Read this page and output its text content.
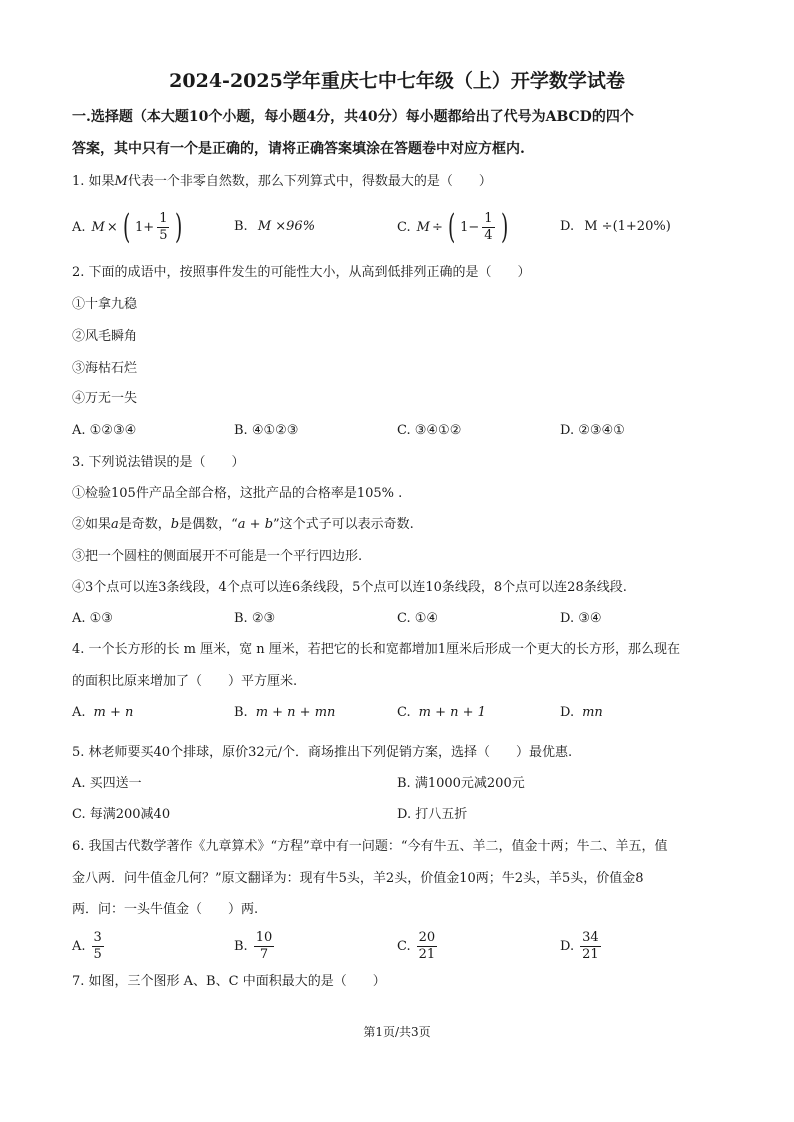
2024-2025学年重庆七中七年级（上）开学数学试卷
一.选择题（本大题10个小题，每小题4分，共40分）每小题都给出了代号为ABCD的四个
答案，其中只有一个是正确的，请将正确答案填涂在答题卷中对应方框内.
1. 如果M代表一个非零自然数，那么下列算式中，得数最大的是（　　）
A. M × ( $1+ \frac{1}{5}$ )	B. M ×96%	C. M ÷ ( $1- \frac{1}{4}$ )	D. M ÷(1+20%)
2. 下面的成语中，按照事件发生的可能性大小，从高到低排列正确的是（　　）
①十拿九稳
②风毛瞬角
③海枯石烂
④万无一失
A. ①②③④	B. ④①②③	C. ③④①②	D. ②③④①
3. 下列说法错误的是（　　）
①检验105件产品全部合格，这批产品的合格率是105% .
②如果a是奇数，b是偶数，“a + b”这个式子可以表示奇数.
③把一个圆柱的侧面展开不可能是一个平行四边形.
④3个点可以连3条线段，4个点可以连6条线段，5个点可以连10条线段，8个点可以连28条线段.
A. ①③	B. ②③	C. ①④	D. ③④
4. 一个长方形的长 m 厘米，宽 n 厘米，若把它的长和宽都增加1厘米后形成一个更大的长方形，那么现在
的面积比原来增加了（　　）平方厘米.
A. m + n	B. m + n + mn	C. m + n + 1	D. mn
5. 林老师要买40个排球，原价32元/个．商场推出下列促销方案，选择（　　）最优惠.
A. 买四送一	B. 满1000元减200元
C. 每满200减40	D. 打八五折
6. 我国古代数学著作《九章算术》“方程”章中有一问题：“今有牛五、羊二，值金十两；牛二、羊五，值
金八两．问牛值金几何？”原文翻译为：现有牛5头，羊2头，价值金10两；牛2头，羊5头，价值金8
两．问：一头牛值金（　　）两.
A. $\frac{3}{5}$	B. $\frac{10}{7}$	C. $\frac{20}{21}$	D. $\frac{34}{21}$
7. 如图，三个图形 A、B、C 中面积最大的是（　　）
第1页/共3页
